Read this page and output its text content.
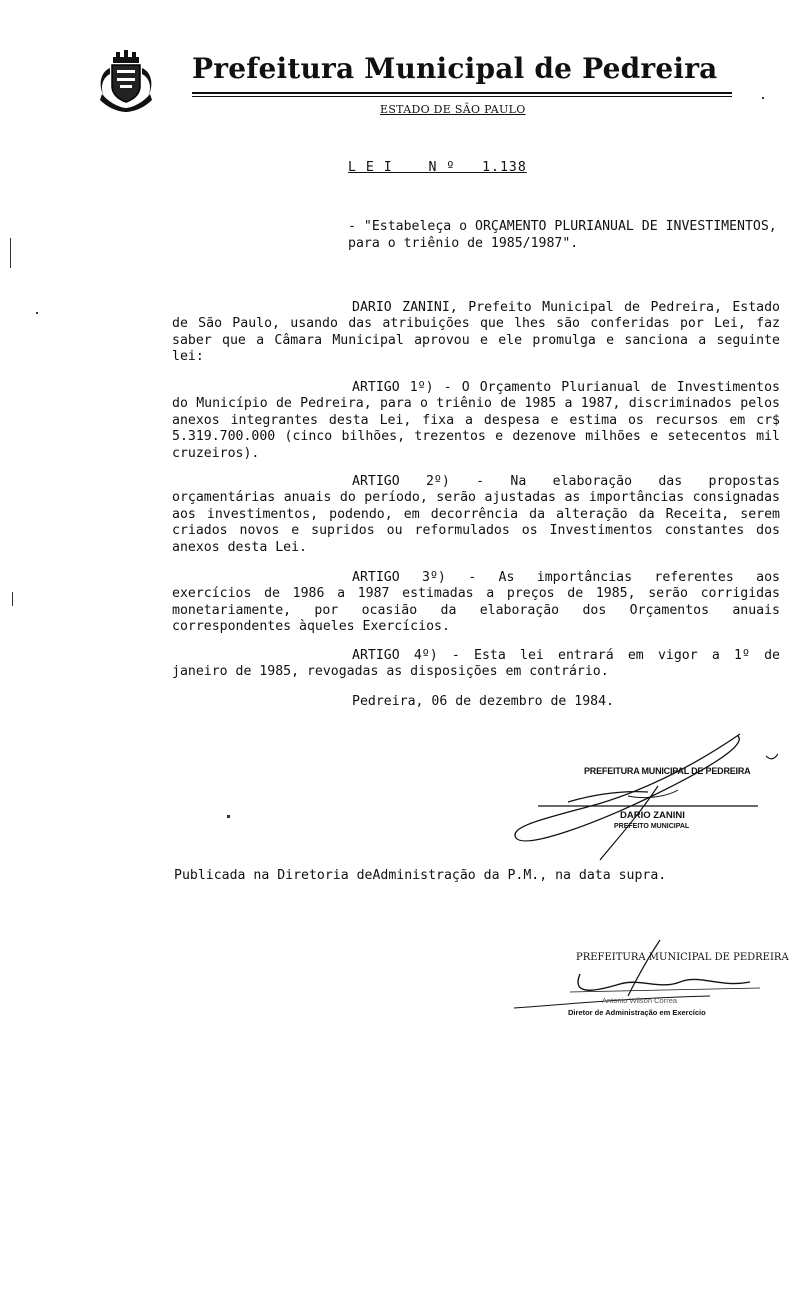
Prefeitura Municipal de Pedreira
ESTADO DE SÃO PAULO
L E I    N º   1.138
- "Estabeleça o ORÇAMENTO PLURIANUAL DE INVESTIMENTOS, para o triênio de 1985/1987".
DARIO ZANINI, Prefeito Municipal de Pedreira, Estado de São Paulo, usando das atribuições que lhes são conferidas por Lei, faz saber que a Câmara Municipal aprovou e ele promulga e sanciona a seguinte lei:
ARTIGO 1º) - O Orçamento Plurianual de Investimentos do Município de Pedreira, para o triênio de 1985 a 1987, discriminados pelos anexos integrantes desta Lei, fixa a despesa e estima os recursos em cr$ 5.319.700.000 (cinco bilhões, trezentos e dezenove milhões e setecentos mil cruzeiros).
ARTIGO 2º) - Na elaboração das propostas orçamentárias anuais do período, serão ajustadas as importâncias consignadas aos investimentos, podendo, em decorrência da alteração da Receita, serem criados novos e supridos ou reformulados os Investimentos constantes dos anexos desta Lei.
ARTIGO 3º) - As importâncias referentes aos exercícios de 1986 a 1987 estimadas a preços de 1985, serão corrigidas monetariamente, por ocasião da elaboração dos Orçamentos anuais correspondentes àqueles Exercícios.
ARTIGO 4º) - Esta lei entrará em vigor a 1º de janeiro de 1985, revogadas as disposições em contrário.
Pedreira, 06 de dezembro de 1984.
PREFEITURA MUNICIPAL DE PEDREIRA
DARIO ZANINI
PREFEITO MUNICIPAL
Publicada na Diretoria deAdministração da P.M., na data supra.
PREFEITURA MUNICIPAL DE PEDREIRA
Antonio Wilson Correa
Diretor de Administração em Exercício
